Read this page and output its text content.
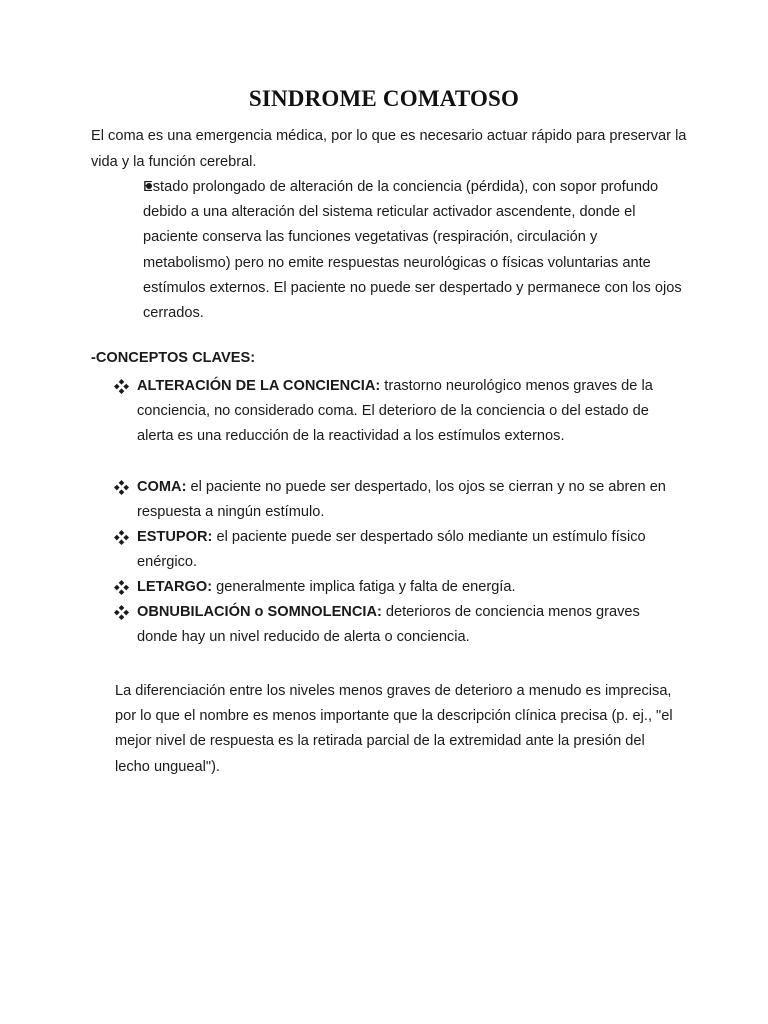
SINDROME COMATOSO
El coma es una emergencia médica, por lo que es necesario actuar rápido para preservar la vida y la función cerebral.
Estado prolongado de alteración de la conciencia (pérdida), con sopor profundo debido a una alteración del sistema reticular activador ascendente, donde el paciente conserva las funciones vegetativas (respiración, circulación y metabolismo) pero no emite respuestas neurológicas o físicas voluntarias ante estímulos externos. El paciente no puede ser despertado y permanece con los ojos cerrados.
-CONCEPTOS CLAVES:
ALTERACIÓN DE LA CONCIENCIA: trastorno neurológico menos graves de la conciencia, no considerado coma. El deterioro de la conciencia o del estado de alerta es una reducción de la reactividad a los estímulos externos.
COMA: el paciente no puede ser despertado, los ojos se cierran y no se abren en respuesta a ningún estímulo.
ESTUPOR: el paciente puede ser despertado sólo mediante un estímulo físico enérgico.
LETARGO: generalmente implica fatiga y falta de energía.
OBNUBILACIÓN o SOMNOLENCIA: deterioros de conciencia menos graves donde hay un nivel reducido de alerta o conciencia.
La diferenciación entre los niveles menos graves de deterioro a menudo es imprecisa, por lo que el nombre es menos importante que la descripción clínica precisa (p. ej., "el mejor nivel de respuesta es la retirada parcial de la extremidad ante la presión del lecho ungueal").
